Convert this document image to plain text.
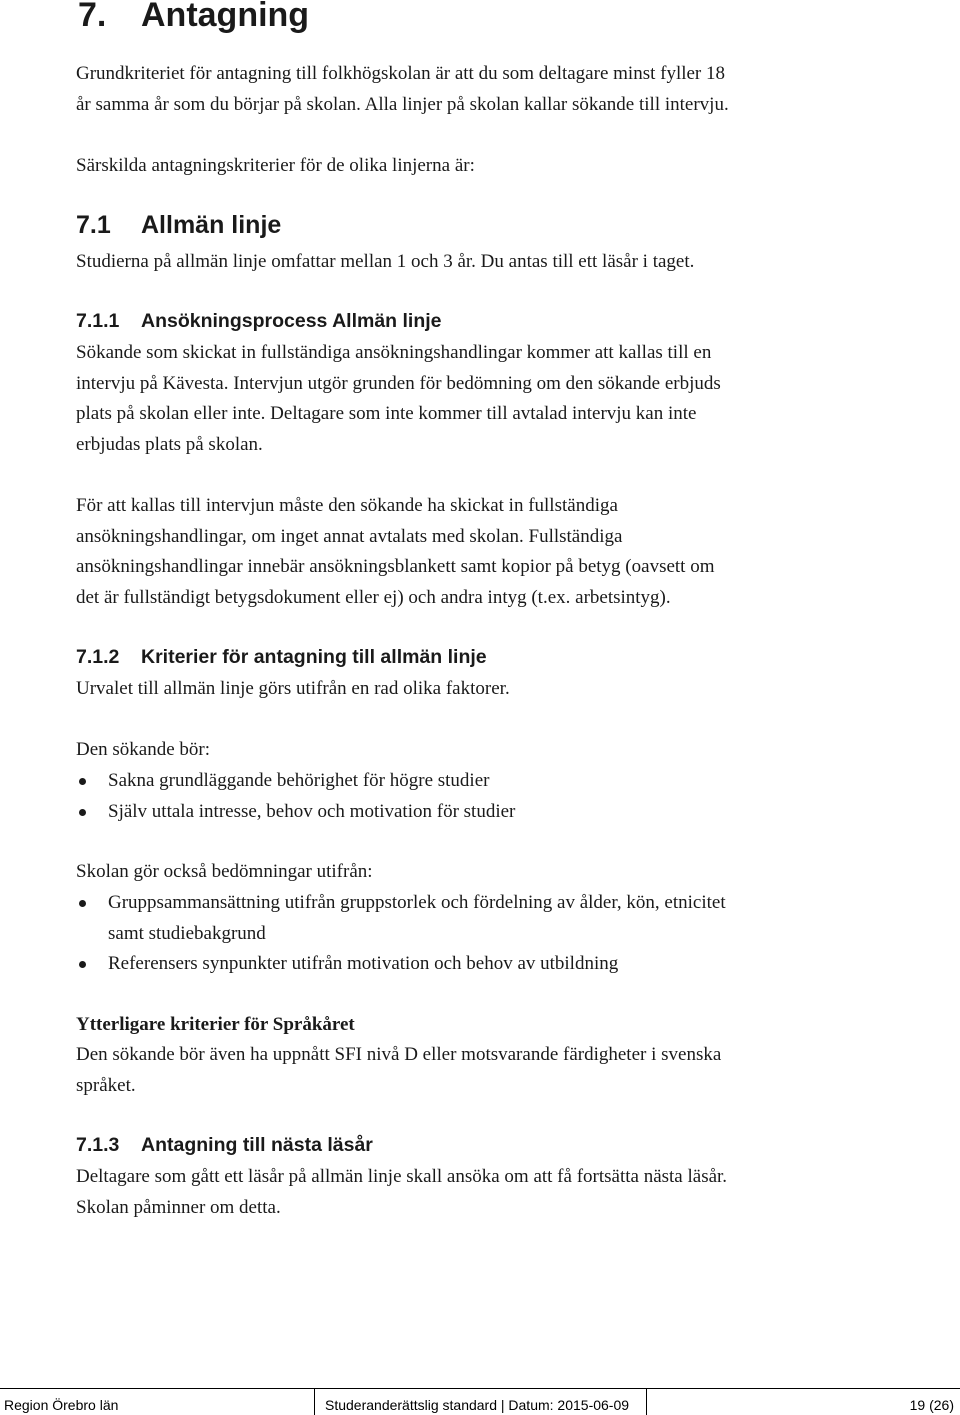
7. Antagning
Grundkriteriet för antagning till folkhögskolan är att du som deltagare minst fyller 18
år samma år som du börjar på skolan. Alla linjer på skolan kallar sökande till intervju.
Särskilda antagningskriterier för de olika linjerna är:
7.1 Allmän linje
Studierna på allmän linje omfattar mellan 1 och 3 år. Du antas till ett läsår i taget.
7.1.1 Ansökningsprocess Allmän linje
Sökande som skickat in fullständiga ansökningshandlingar kommer att kallas till en
intervju på Kävesta. Intervjun utgör grunden för bedömning om den sökande erbjuds
plats på skolan eller inte. Deltagare som inte kommer till avtalad intervju kan inte
erbjudas plats på skolan.
För att kallas till intervjun måste den sökande ha skickat in fullständiga
ansökningshandlingar, om inget annat avtalats med skolan. Fullständiga
ansökningshandlingar innebär ansökningsblankett samt kopior på betyg (oavsett om
det är fullständigt betygsdokument eller ej) och andra intyg (t.ex. arbetsintyg).
7.1.2 Kriterier för antagning till allmän linje
Urvalet till allmän linje görs utifrån en rad olika faktorer.
Den sökande bör:
Sakna grundläggande behörighet för högre studier
Själv uttala intresse, behov och motivation för studier
Skolan gör också bedömningar utifrån:
Gruppsammansättning utifrån gruppstorlek och fördelning av ålder, kön, etnicitet
samt studiebakgrund
Referensers synpunkter utifrån motivation och behov av utbildning
Ytterligare kriterier för Språkåret
Den sökande bör även ha uppnått SFI nivå D eller motsvarande färdigheter i svenska
språket.
7.1.3 Antagning till nästa läsår
Deltagare som gått ett läsår på allmän linje skall ansöka om att få fortsätta nästa läsår.
Skolan påminner om detta.
Region Örebro län	Studeranderättslig standard | Datum: 2015-06-09	19 (26)
